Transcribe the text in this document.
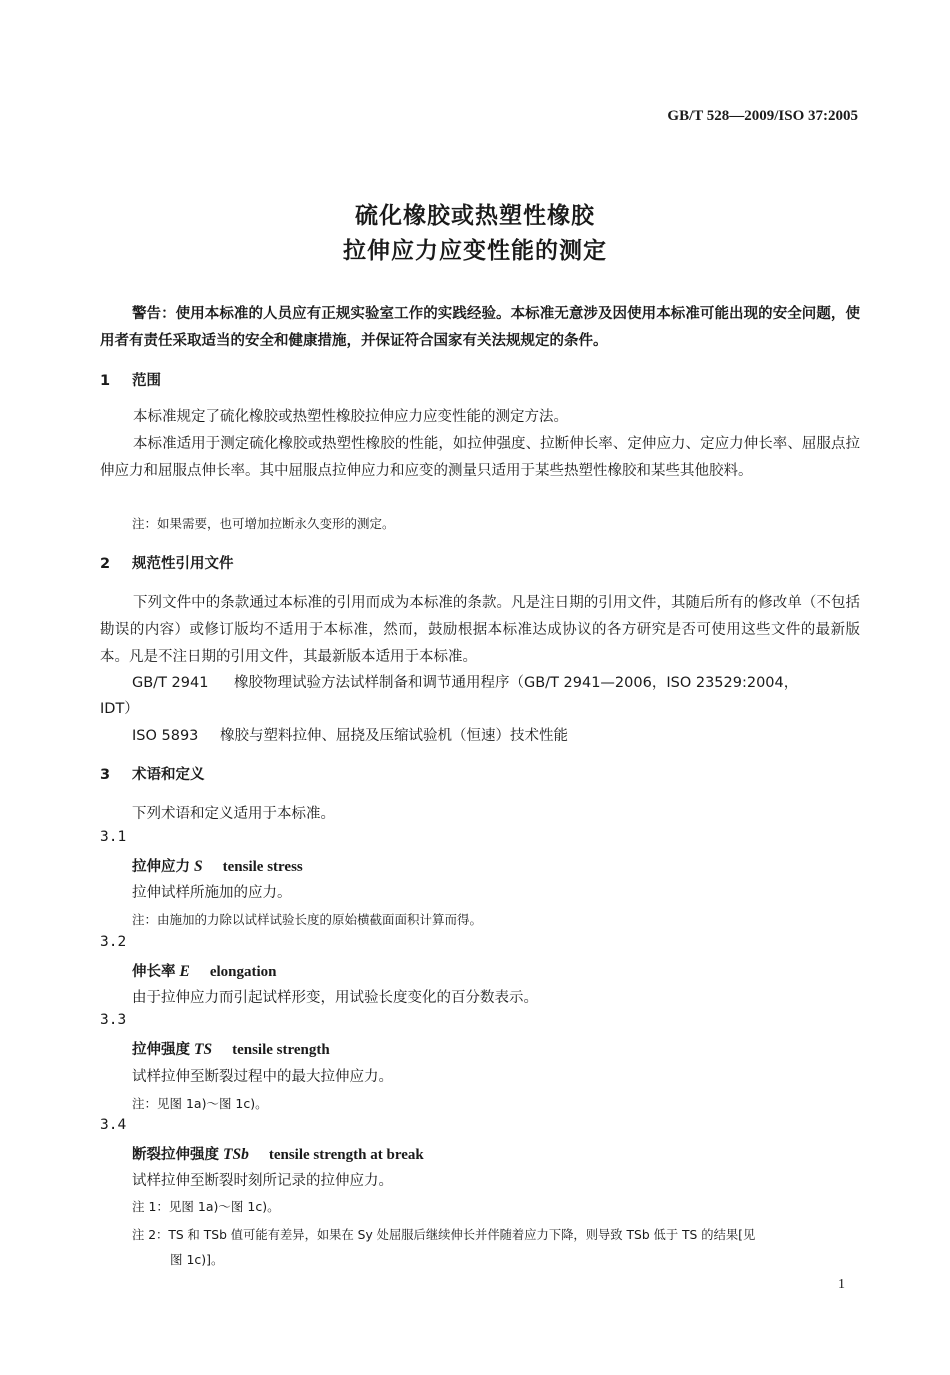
GB/T 528—2009/ISO 37:2005
硫化橡胶或热塑性橡胶
拉伸应力应变性能的测定
警告：使用本标准的人员应有正规实验室工作的实践经验。本标准无意涉及因使用本标准可能出现的安全问题，使用者有责任采取适当的安全和健康措施，并保证符合国家有关法规规定的条件。
1 范围
本标准规定了硫化橡胶或热塑性橡胶拉伸应力应变性能的测定方法。
本标准适用于测定硫化橡胶或热塑性橡胶的性能，如拉伸强度、拉断伸长率、定伸应力、定应力伸长率、屈服点拉伸应力和屈服点伸长率。其中屈服点拉伸应力和应变的测量只适用于某些热塑性橡胶和某些其他胶料。
注：如果需要，也可增加拉断永久变形的测定。
2 规范性引用文件
下列文件中的条款通过本标准的引用而成为本标准的条款。凡是注日期的引用文件，其随后所有的修改单（不包括勘误的内容）或修订版均不适用于本标准，然而，鼓励根据本标准达成协议的各方研究是否可使用这些文件的最新版本。凡是不注日期的引用文件，其最新版本适用于本标准。
GB/T 2941 橡胶物理试验方法试样制备和调节通用程序（GB/T 2941—2006，ISO 23529:2004，
IDT）
ISO 5893 橡胶与塑料拉伸、屈挠及压缩试验机（恒速）技术性能
3 术语和定义
下列术语和定义适用于本标准。
3.1
拉伸应力 S tensile stress
拉伸试样所施加的应力。
注：由施加的力除以试样试验长度的原始横截面面积计算而得。
3.2
伸长率 E elongation
由于拉伸应力而引起试样形变，用试验长度变化的百分数表示。
3.3
拉伸强度 TS tensile strength
试样拉伸至断裂过程中的最大拉伸应力。
注：见图 1a)～图 1c)。
3.4
断裂拉伸强度 TSb tensile strength at break
试样拉伸至断裂时刻所记录的拉伸应力。
注 1：见图 1a)～图 1c)。
注 2：TS 和 TSb 值可能有差异，如果在 Sy 处屈服后继续伸长并伴随着应力下降，则导致 TSb 低于 TS 的结果[见
图 1c)]。
1
